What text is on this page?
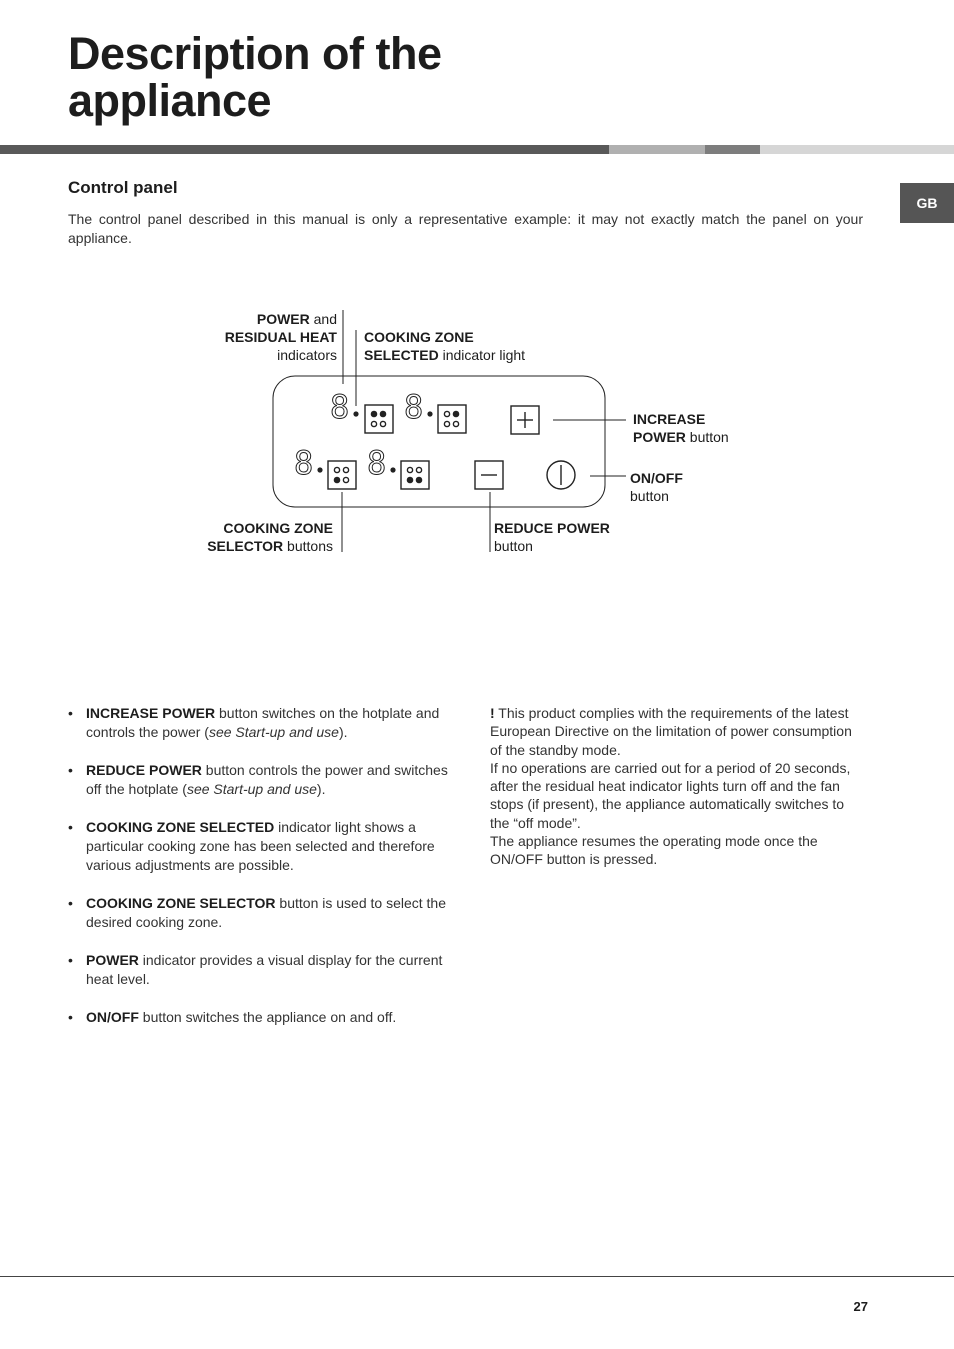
Description of the
appliance
GB
Control panel

The control panel described in this manual is only a representative example: it may not exactly match the panel on your appliance.

8 8
8 8
POWER and
RESIDUAL HEAT
indicators
COOKING ZONE
SELECTED indicator light
INCREASE
POWER button
ON/OFF
button
COOKING ZONE
SELECTOR buttons
REDUCE POWER
button
• INCREASE POWER button switches on the hotplate and controls the power (see Start-up and use).
• REDUCE POWER button controls the power and switches off the hotplate (see Start-up and use).
• COOKING ZONE SELECTED indicator light shows a particular cooking zone has been selected and therefore various adjustments are possible.
• COOKING ZONE SELECTOR button is used to select the desired cooking zone.
• POWER indicator provides a visual display for the current heat level.
• ON/OFF button switches the appliance on and off.

! This product complies with the requirements of the latest European Directive on the limitation of power consumption of the standby mode.

If no operations are carried out for a period of 20 seconds, after the residual heat indicator lights turn off and the fan stops (if present), the appliance automatically switches to the “off mode”.

The appliance resumes the operating mode once the ON/OFF button is pressed.

27
